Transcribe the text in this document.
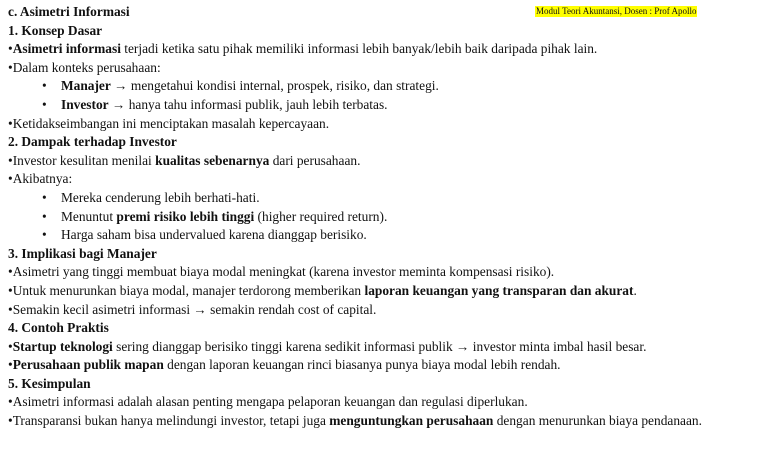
Modul Teori Akuntansi, Dosen : Prof Apollo
c. Asimetri Informasi
1. Konsep Dasar
•Asimetri informasi terjadi ketika satu pihak memiliki informasi lebih banyak/lebih baik daripada pihak lain.
•Dalam konteks perusahaan:
• Manajer → mengetahui kondisi internal, prospek, risiko, dan strategi.
• Investor → hanya tahu informasi publik, jauh lebih terbatas.
•Ketidakseimbangan ini menciptakan masalah kepercayaan.
2. Dampak terhadap Investor
•Investor kesulitan menilai kualitas sebenarnya dari perusahaan.
•Akibatnya:
• Mereka cenderung lebih berhati-hati.
• Menuntut premi risiko lebih tinggi (higher required return).
• Harga saham bisa undervalued karena dianggap berisiko.
3. Implikasi bagi Manajer
•Asimetri yang tinggi membuat biaya modal meningkat (karena investor meminta kompensasi risiko).
•Untuk menurunkan biaya modal, manajer terdorong memberikan laporan keuangan yang transparan dan akurat.
•Semakin kecil asimetri informasi → semakin rendah cost of capital.
4. Contoh Praktis
•Startup teknologi sering dianggap berisiko tinggi karena sedikit informasi publik → investor minta imbal hasil besar.
•Perusahaan publik mapan dengan laporan keuangan rinci biasanya punya biaya modal lebih rendah.
5. Kesimpulan
•Asimetri informasi adalah alasan penting mengapa pelaporan keuangan dan regulasi diperlukan.
•Transparansi bukan hanya melindungi investor, tetapi juga menguntungkan perusahaan dengan menurunkan biaya pendanaan.
